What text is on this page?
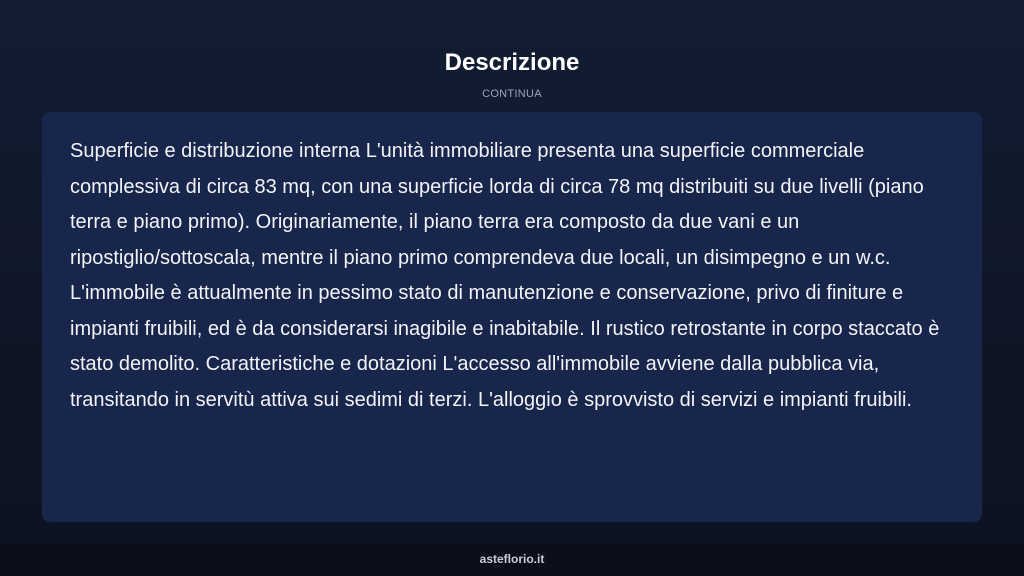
Descrizione
CONTINUA

Superficie e distribuzione interna L'unità immobiliare presenta una superficie commerciale complessiva di circa 83 mq, con una superficie lorda di circa 78 mq distribuiti su due livelli (piano terra e piano primo). Originariamente, il piano terra era composto da due vani e un ripostiglio/sottoscala, mentre il piano primo comprendeva due locali, un disimpegno e un w.c. L'immobile è attualmente in pessimo stato di manutenzione e conservazione, privo di finiture e impianti fruibili, ed è da considerarsi inagibile e inabitabile. Il rustico retrostante in corpo staccato è stato demolito. Caratteristiche e dotazioni L'accesso all'immobile avviene dalla pubblica via, transitando in servitù attiva sui sedimi di terzi. L'alloggio è sprovvisto di servizi e impianti fruibili.

asteflorio.it
